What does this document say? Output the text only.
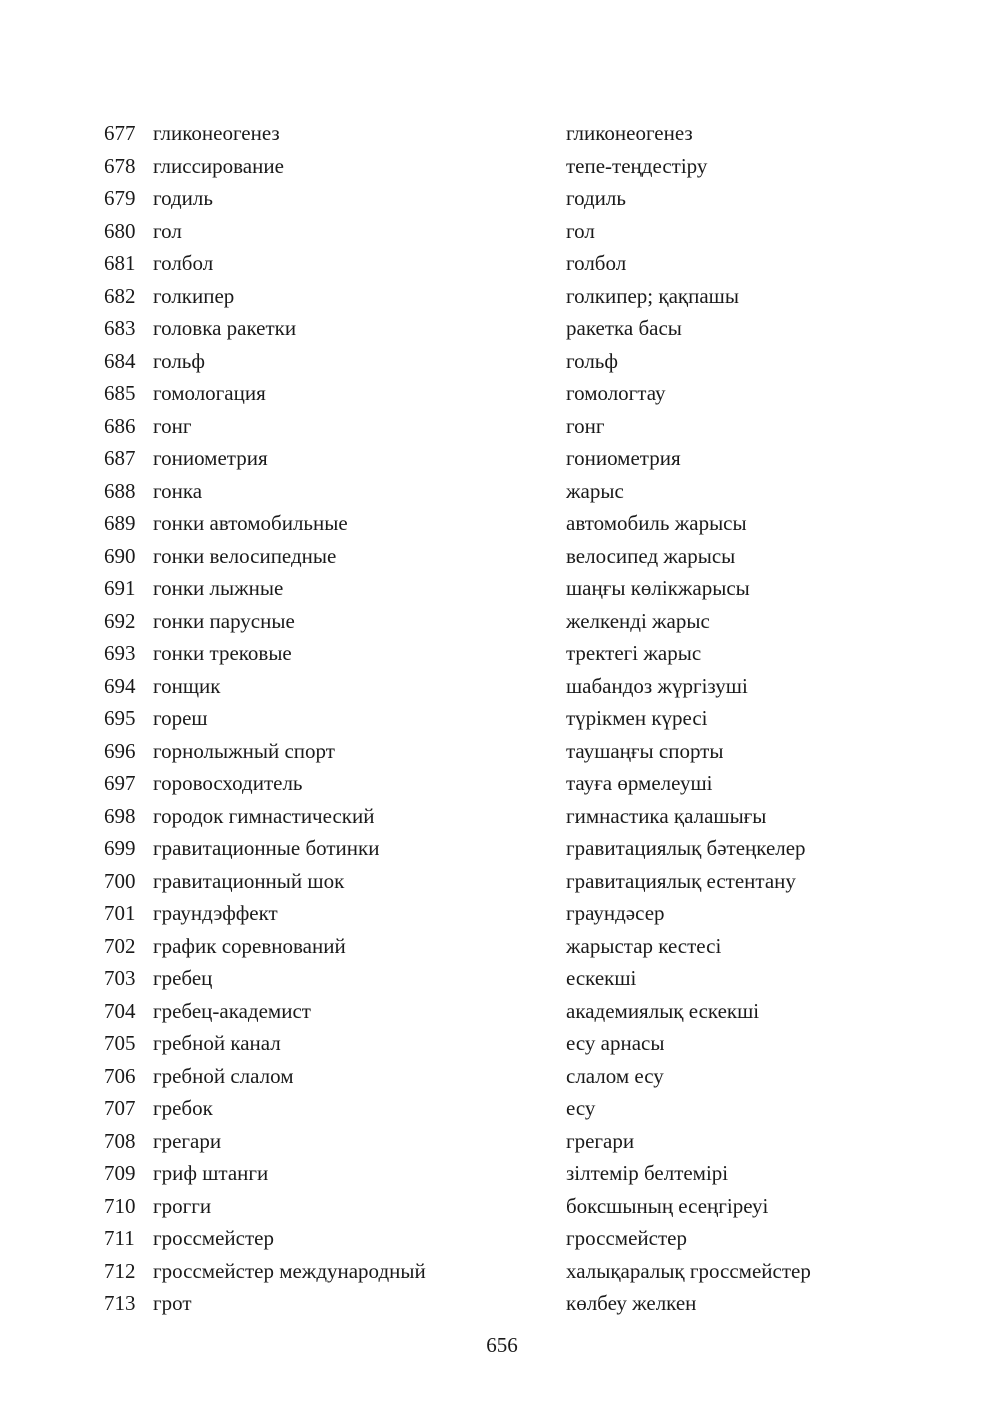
677 гликонеогенез	гликонеогенез
678 глиссирование	тепе-теңдестіру
679 годиль	годиль
680 гол	гол
681 голбол	голбол
682 голкипер	голкипер; қақпашы
683 головка ракетки	ракетка басы
684 гольф	гольф
685 гомологация	гомологтау
686 гонг	гонг
687 гониометрия	гониометрия
688 гонка	жарыс
689 гонки автомобильные	автомобиль жарысы
690 гонки велосипедные	велосипед жарысы
691 гонки лыжные	шаңғы көлікжарысы
692 гонки парусные	желкенді жарыс
693 гонки трековые	тректегі жарыс
694 гонщик	шабандоз жүргізуші
695 гореш	түрікмен күресі
696 горнолыжный спорт	таушаңғы спорты
697 горовосходитель	тауға өрмелеуші
698 городок гимнастический	гимнастика қалашығы
699 гравитационные ботинки	гравитациялық бәтеңкелер
700 гравитационный шок	гравитациялық естентану
701 граундэффект	граундәсер
702 график соревнований	жарыстар кестесі
703 гребец	ескекші
704 гребец-академист	академиялық ескекші
705 гребной канал	есу арнасы
706 гребной слалом	слалом есу
707 гребок	есу
708 грегари	грегари
709 гриф штанги	зілтемір белтемірі
710 грогги	боксшының есеңгіреуі
711 гроссмейстер	гроссмейстер
712 гроссмейстер международный	халықаралық гроссмейстер
713 грот	көлбеу желкен
656
